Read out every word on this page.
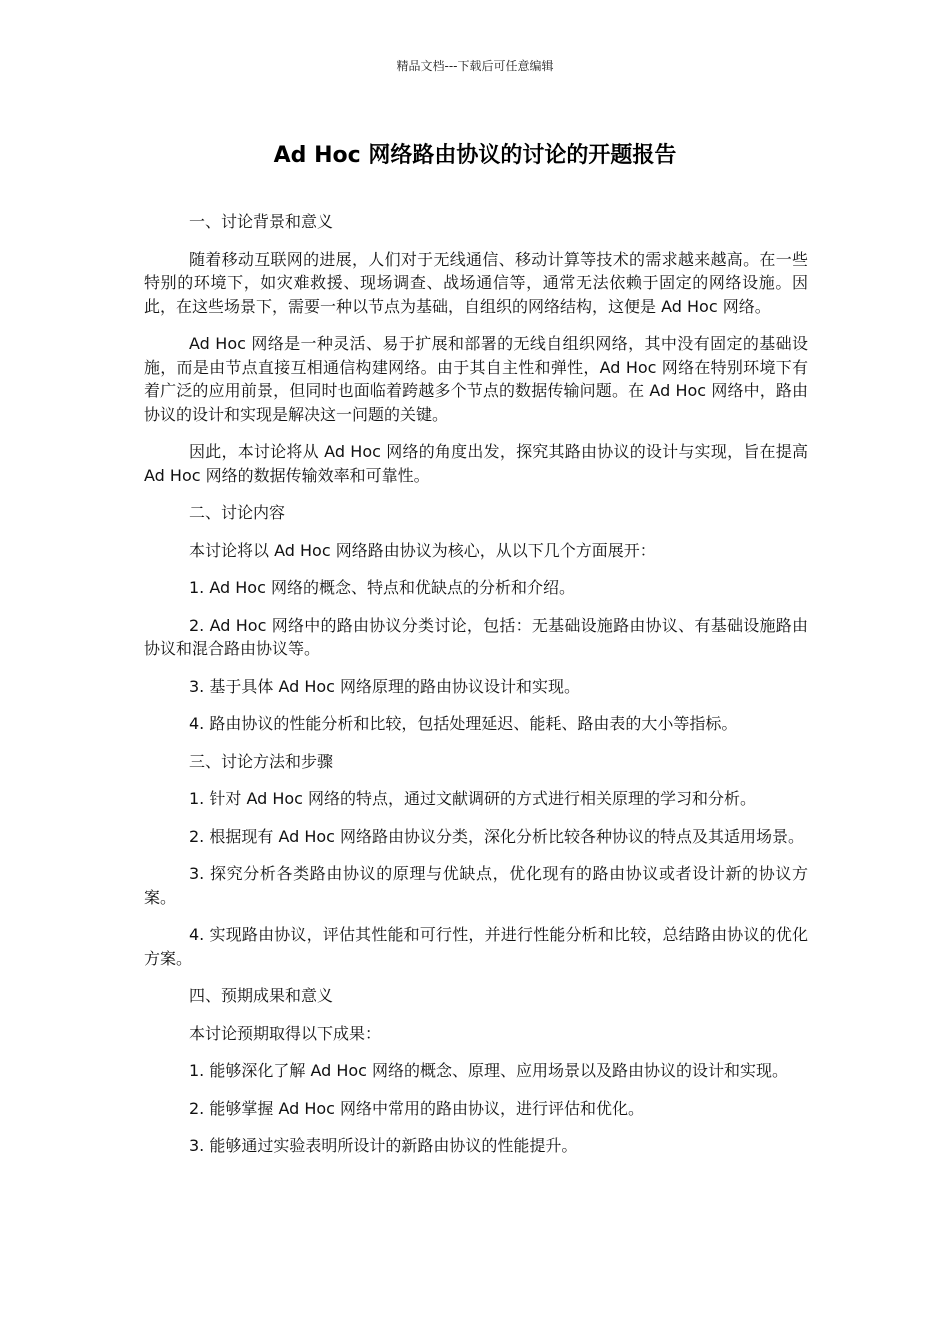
精品文档---下载后可任意编辑
Ad Hoc 网络路由协议的讨论的开题报告

一、讨论背景和意义

随着移动互联网的进展，人们对于无线通信、移动计算等技术的需求越来越高。在一些特别的环境下，如灾难救援、现场调查、战场通信等，通常无法依赖于固定的网络设施。因此，在这些场景下，需要一种以节点为基础，自组织的网络结构，这便是 Ad Hoc 网络。

Ad Hoc 网络是一种灵活、易于扩展和部署的无线自组织网络，其中没有固定的基础设施，而是由节点直接互相通信构建网络。由于其自主性和弹性，Ad Hoc 网络在特别环境下有着广泛的应用前景，但同时也面临着跨越多个节点的数据传输问题。在 Ad Hoc 网络中，路由协议的设计和实现是解决这一问题的关键。

因此，本讨论将从 Ad Hoc 网络的角度出发，探究其路由协议的设计与实现，旨在提高 Ad Hoc 网络的数据传输效率和可靠性。

二、讨论内容

本讨论将以 Ad Hoc 网络路由协议为核心，从以下几个方面展开：

1. Ad Hoc 网络的概念、特点和优缺点的分析和介绍。

2. Ad Hoc 网络中的路由协议分类讨论，包括：无基础设施路由协议、有基础设施路由协议和混合路由协议等。

3. 基于具体 Ad Hoc 网络原理的路由协议设计和实现。

4. 路由协议的性能分析和比较，包括处理延迟、能耗、路由表的大小等指标。

三、讨论方法和步骤

1. 针对 Ad Hoc 网络的特点，通过文献调研的方式进行相关原理的学习和分析。

2. 根据现有 Ad Hoc 网络路由协议分类，深化分析比较各种协议的特点及其适用场景。

3. 探究分析各类路由协议的原理与优缺点，优化现有的路由协议或者设计新的协议方案。

4. 实现路由协议，评估其性能和可行性，并进行性能分析和比较，总结路由协议的优化方案。

四、预期成果和意义

本讨论预期取得以下成果：

1. 能够深化了解 Ad Hoc 网络的概念、原理、应用场景以及路由协议的设计和实现。

2. 能够掌握 Ad Hoc 网络中常用的路由协议，进行评估和优化。

3. 能够通过实验表明所设计的新路由协议的性能提升。
